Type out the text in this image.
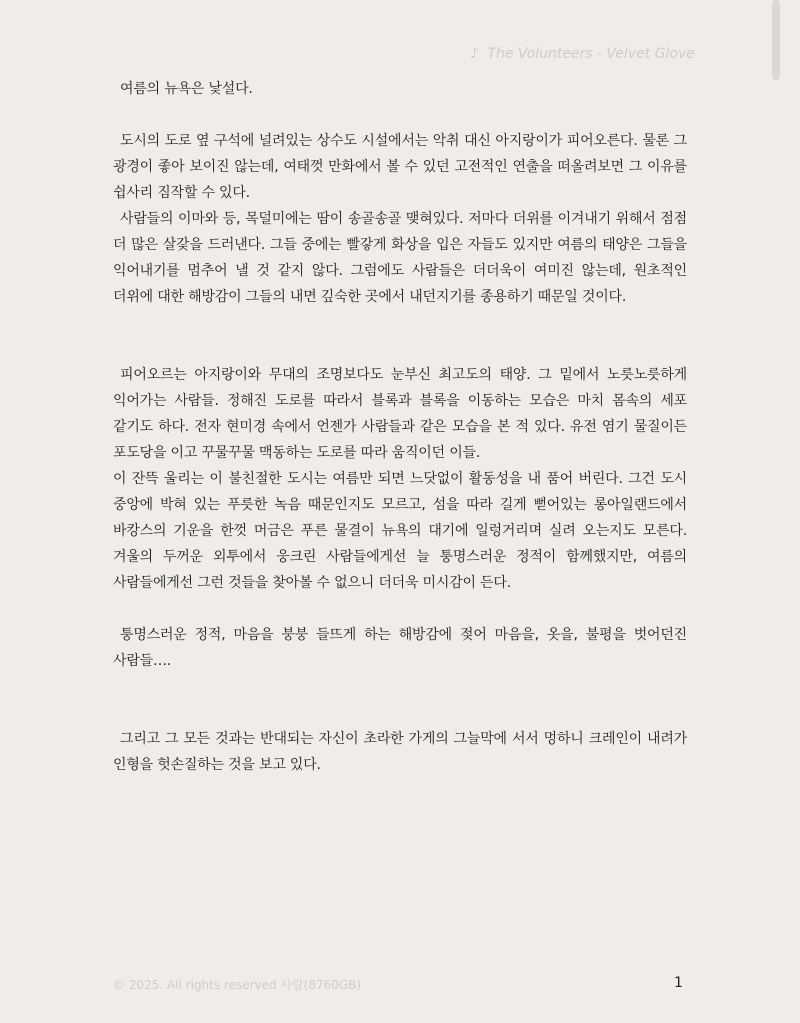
♪ The Volunteers - Velvet Glove

여름의 뉴욕은 낯설다.

도시의 도로 옆 구석에 널려있는 상수도 시설에서는 악취 대신 아지랑이가 피어오른다. 물론 그 광경이 좋아 보이진 않는데, 여태껏 만화에서 볼 수 있던 고전적인 연출을 떠올려보면 그 이유를 쉽사리 짐작할 수 있다.

사람들의 이마와 등, 목덜미에는 땀이 송골송골 맺혀있다. 저마다 더위를 이겨내기 위해서 점점 더 많은 살갗을 드러낸다. 그들 중에는 빨갛게 화상을 입은 자들도 있지만 여름의 태양은 그들을 익어내기를 멈추어 낼 것 같지 않다. 그럼에도 사람들은 더더욱이 여미진 않는데, 원초적인 더위에 대한 해방감이 그들의 내면 깊숙한 곳에서 내던지기를 종용하기 때문일 것이다.

피어오르는 아지랑이와 무대의 조명보다도 눈부신 최고도의 태양. 그 밑에서 노릇노릇하게 익어가는 사람들. 정해진 도로를 따라서 블록과 블록을 이동하는 모습은 마치 몸속의 세포 같기도 하다. 전자 현미경 속에서 언젠가 사람들과 같은 모습을 본 적 있다. 유전 염기 물질이든 포도당을 이고 꾸물꾸물 맥동하는 도로를 따라 움직이던 이들.

이 잔뜩 울리는 이 불친절한 도시는 여름만 되면 느닷없이 활동성을 내 품어 버린다. 그건 도시 중앙에 박혀 있는 푸릇한 녹음 때문인지도 모르고, 섬을 따라 길게 뻗어있는 롱아일랜드에서 바캉스의 기운을 한껏 머금은 푸른 물결이 뉴욕의 대기에 일렁거리며 실려 오는지도 모른다. 겨울의 두꺼운 외투에서 웅크린 사람들에게선 늘 퉁명스러운 정적이 함께했지만, 여름의 사람들에게선 그런 것들을 찾아볼 수 없으니 더더욱 미시감이 든다.

퉁명스러운 정적, 마음을 붕붕 들뜨게 하는 해방감에 젖어 마음을, 옷을, 불평을 벗어던진 사람들….

그리고 그 모든 것과는 반대되는 자신이 초라한 가게의 그늘막에 서서 멍하니 크레인이 내려가 인형을 헛손질하는 것을 보고 있다.

© 2025. All rights reserved 사람(8760GB)	1
